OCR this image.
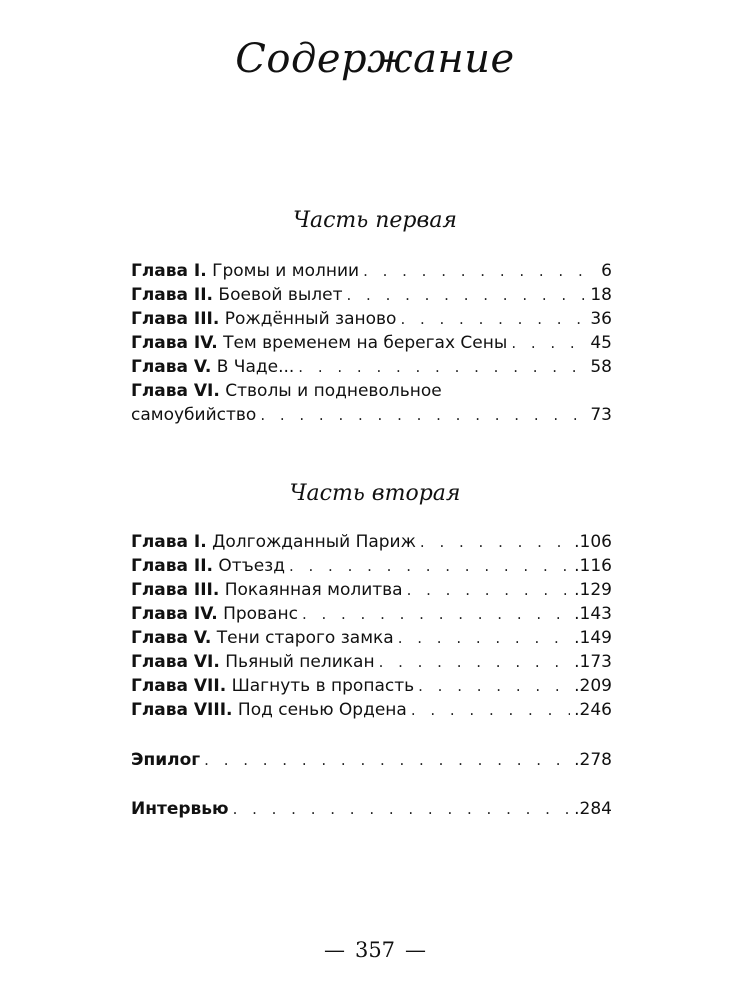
Содержание
Часть первая
Глава I. Громы и молнии . . .	6
Глава II. Боевой вылет . . .	18
Глава III. Рождённый заново . . .	36
Глава IV. Тем временем на берегах Сены . . .	45
Глава V. В Чаде... . . .	58
Глава VI. Стволы и подневольное
самоубийство . . .	73
Часть вторая
Глава I. Долгожданный Париж . . .	.106
Глава II. Отъезд . . .	.116
Глава III. Покаянная молитва . . .	.129
Глава IV. Прованс . . .	.143
Глава V. Тени старого замка . . .	.149
Глава VI. Пьяный пеликан . . .	.173
Глава VII. Шагнуть в пропасть . . .	.209
Глава VIII. Под сенью Ордена . . .	.246
Эпилог . . .	.278
Интервью . . .	.284
— 357 —
